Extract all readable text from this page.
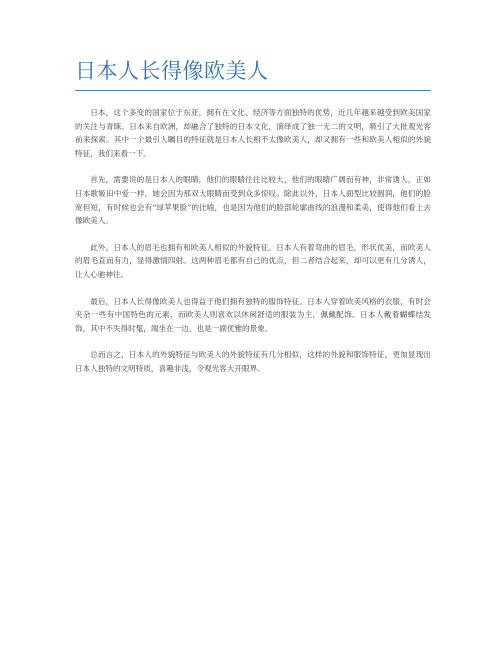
日本人长得像欧美人

日本，这个多变的国家位于东亚，拥有在文化、经济等方面独特的优势，近几年越来越受到欧美国家的关注与青睐。日本来自欧洲，却融合了独特的日本文化，演绎成了独一无二的文明，吸引了大批观光客前来探索。其中一个最引人瞩目的特征就是日本人长相不太像欧美人，却又拥有一些和欧美人相似的外貌特征，我们来看一下。

首先，需要说的是日本人的眼睛，他们的眼睛往往比较大，他们的眼睛广阔而有神，非常诱人，正如日本歌姬田中爱一样，她会因为那双大眼睛而受到众多惊叹。除此以外，日本人面型比较圆润，他们的脸宽但短，有时候也会有“绿苹果脸”的比喻，也是因为他们的脸部轮廓曲线的浪漫和柔美，使得他们看上去像欧美人。

此外，日本人的眉毛也拥有和欧美人相似的外貌特征。日本人有着弯曲的眉毛，形状优美，而欧美人的眉毛直而有力，显得激情四射。这两种眉毛都有自己的优点，但二者结合起来，却可以更有几分诱人，让人心驰神往。

最后，日本人长得像欧美人也得益于他们拥有独特的服饰特征。日本人穿着欧美风格的衣服，有时会夹杂一些有中国特色的元素，而欧美人则喜欢以休闲舒适的服装为主，佩戴配饰。日本人戴着蝴蝶结发饰，其中不失得时髦，端坐在一边，也是一副优雅的景象。

总而言之，日本人的外貌特征与欧美人的外貌特征有几分相似，这样的外貌和服饰特征，更加显现出日本人独特的文明特质，喜趣非浅，令观光客大开眼界。
